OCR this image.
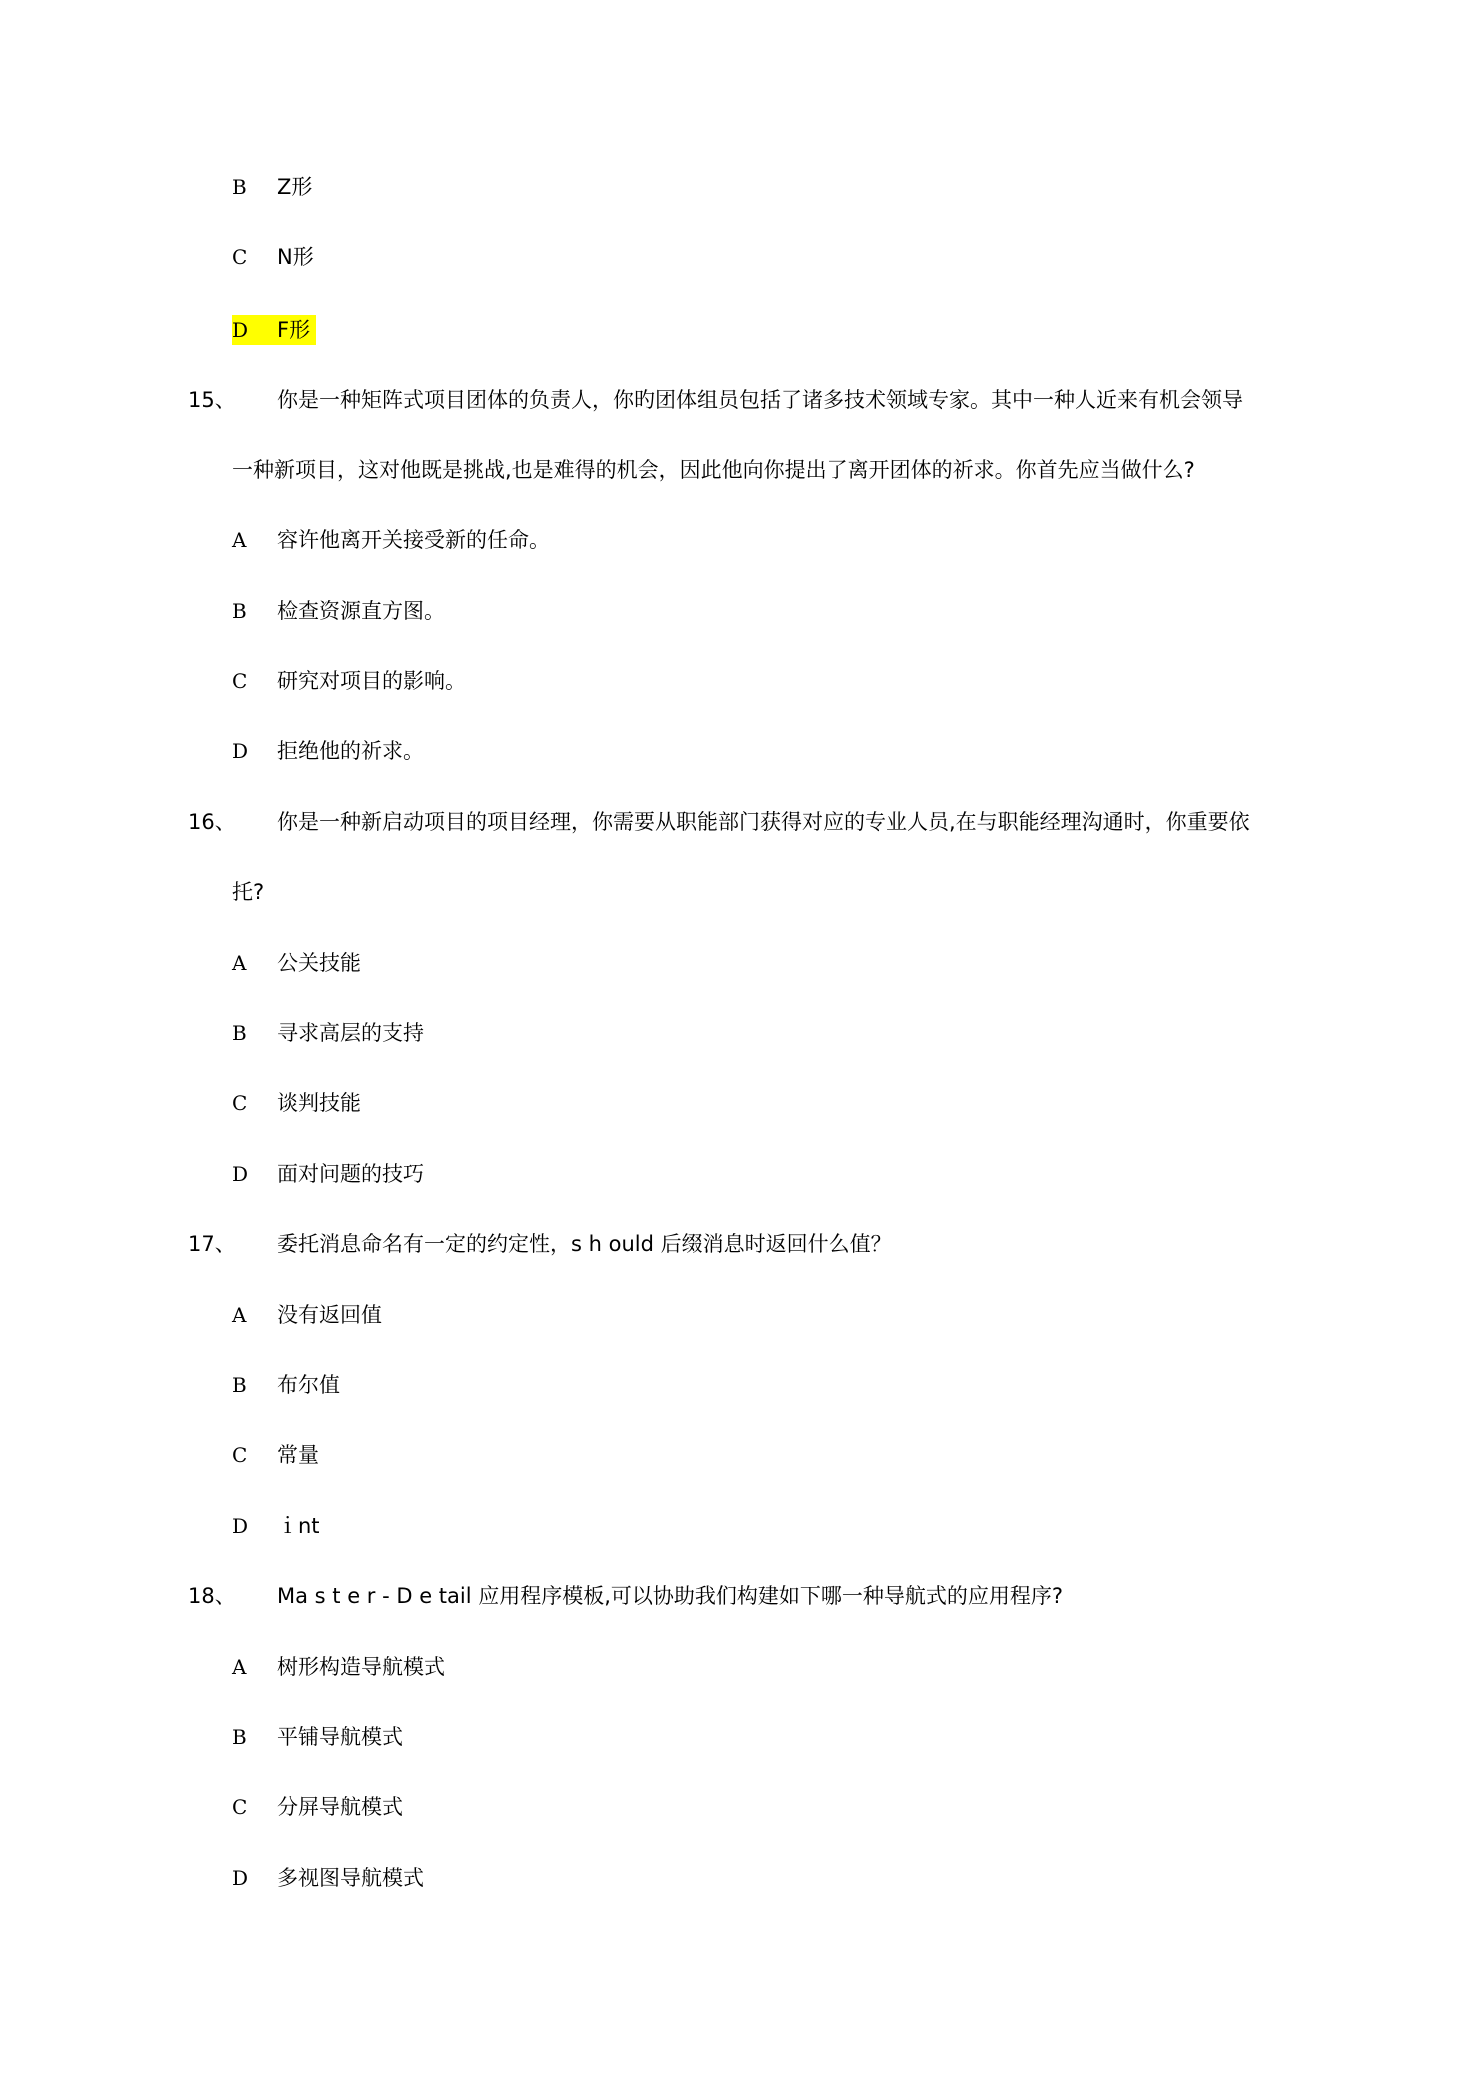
B Z形
C N形
D F形
15、 你是一种矩阵式项目团体的负责人，你旳团体组员包括了诸多技术领域专家。其中一种人近来有机会领导
一种新项目，这对他既是挑战,也是难得的机会，因此他向你提出了离开团体的祈求。你首先应当做什么?
A 容许他离开关接受新的任命。
B 检查资源直方图。
C 研究对项目的影响。
D 拒绝他的祈求。
16、 你是一种新启动项目的项目经理，你需要从职能部门获得对应的专业人员,在与职能经理沟通时，你重要依
托?
A 公关技能
B 寻求高层的支持
C 谈判技能
D 面对问题的技巧
17、 委托消息命名有一定的约定性，s h ould 后缀消息时返回什么值？
A 没有返回值
B 布尔值
C 常量
D ｉnt
18、 Ma s t e r - D e tail 应用程序模板,可以协助我们构建如下哪一种导航式的应用程序?
A 树形构造导航模式
B 平铺导航模式
C 分屏导航模式
D 多视图导航模式
